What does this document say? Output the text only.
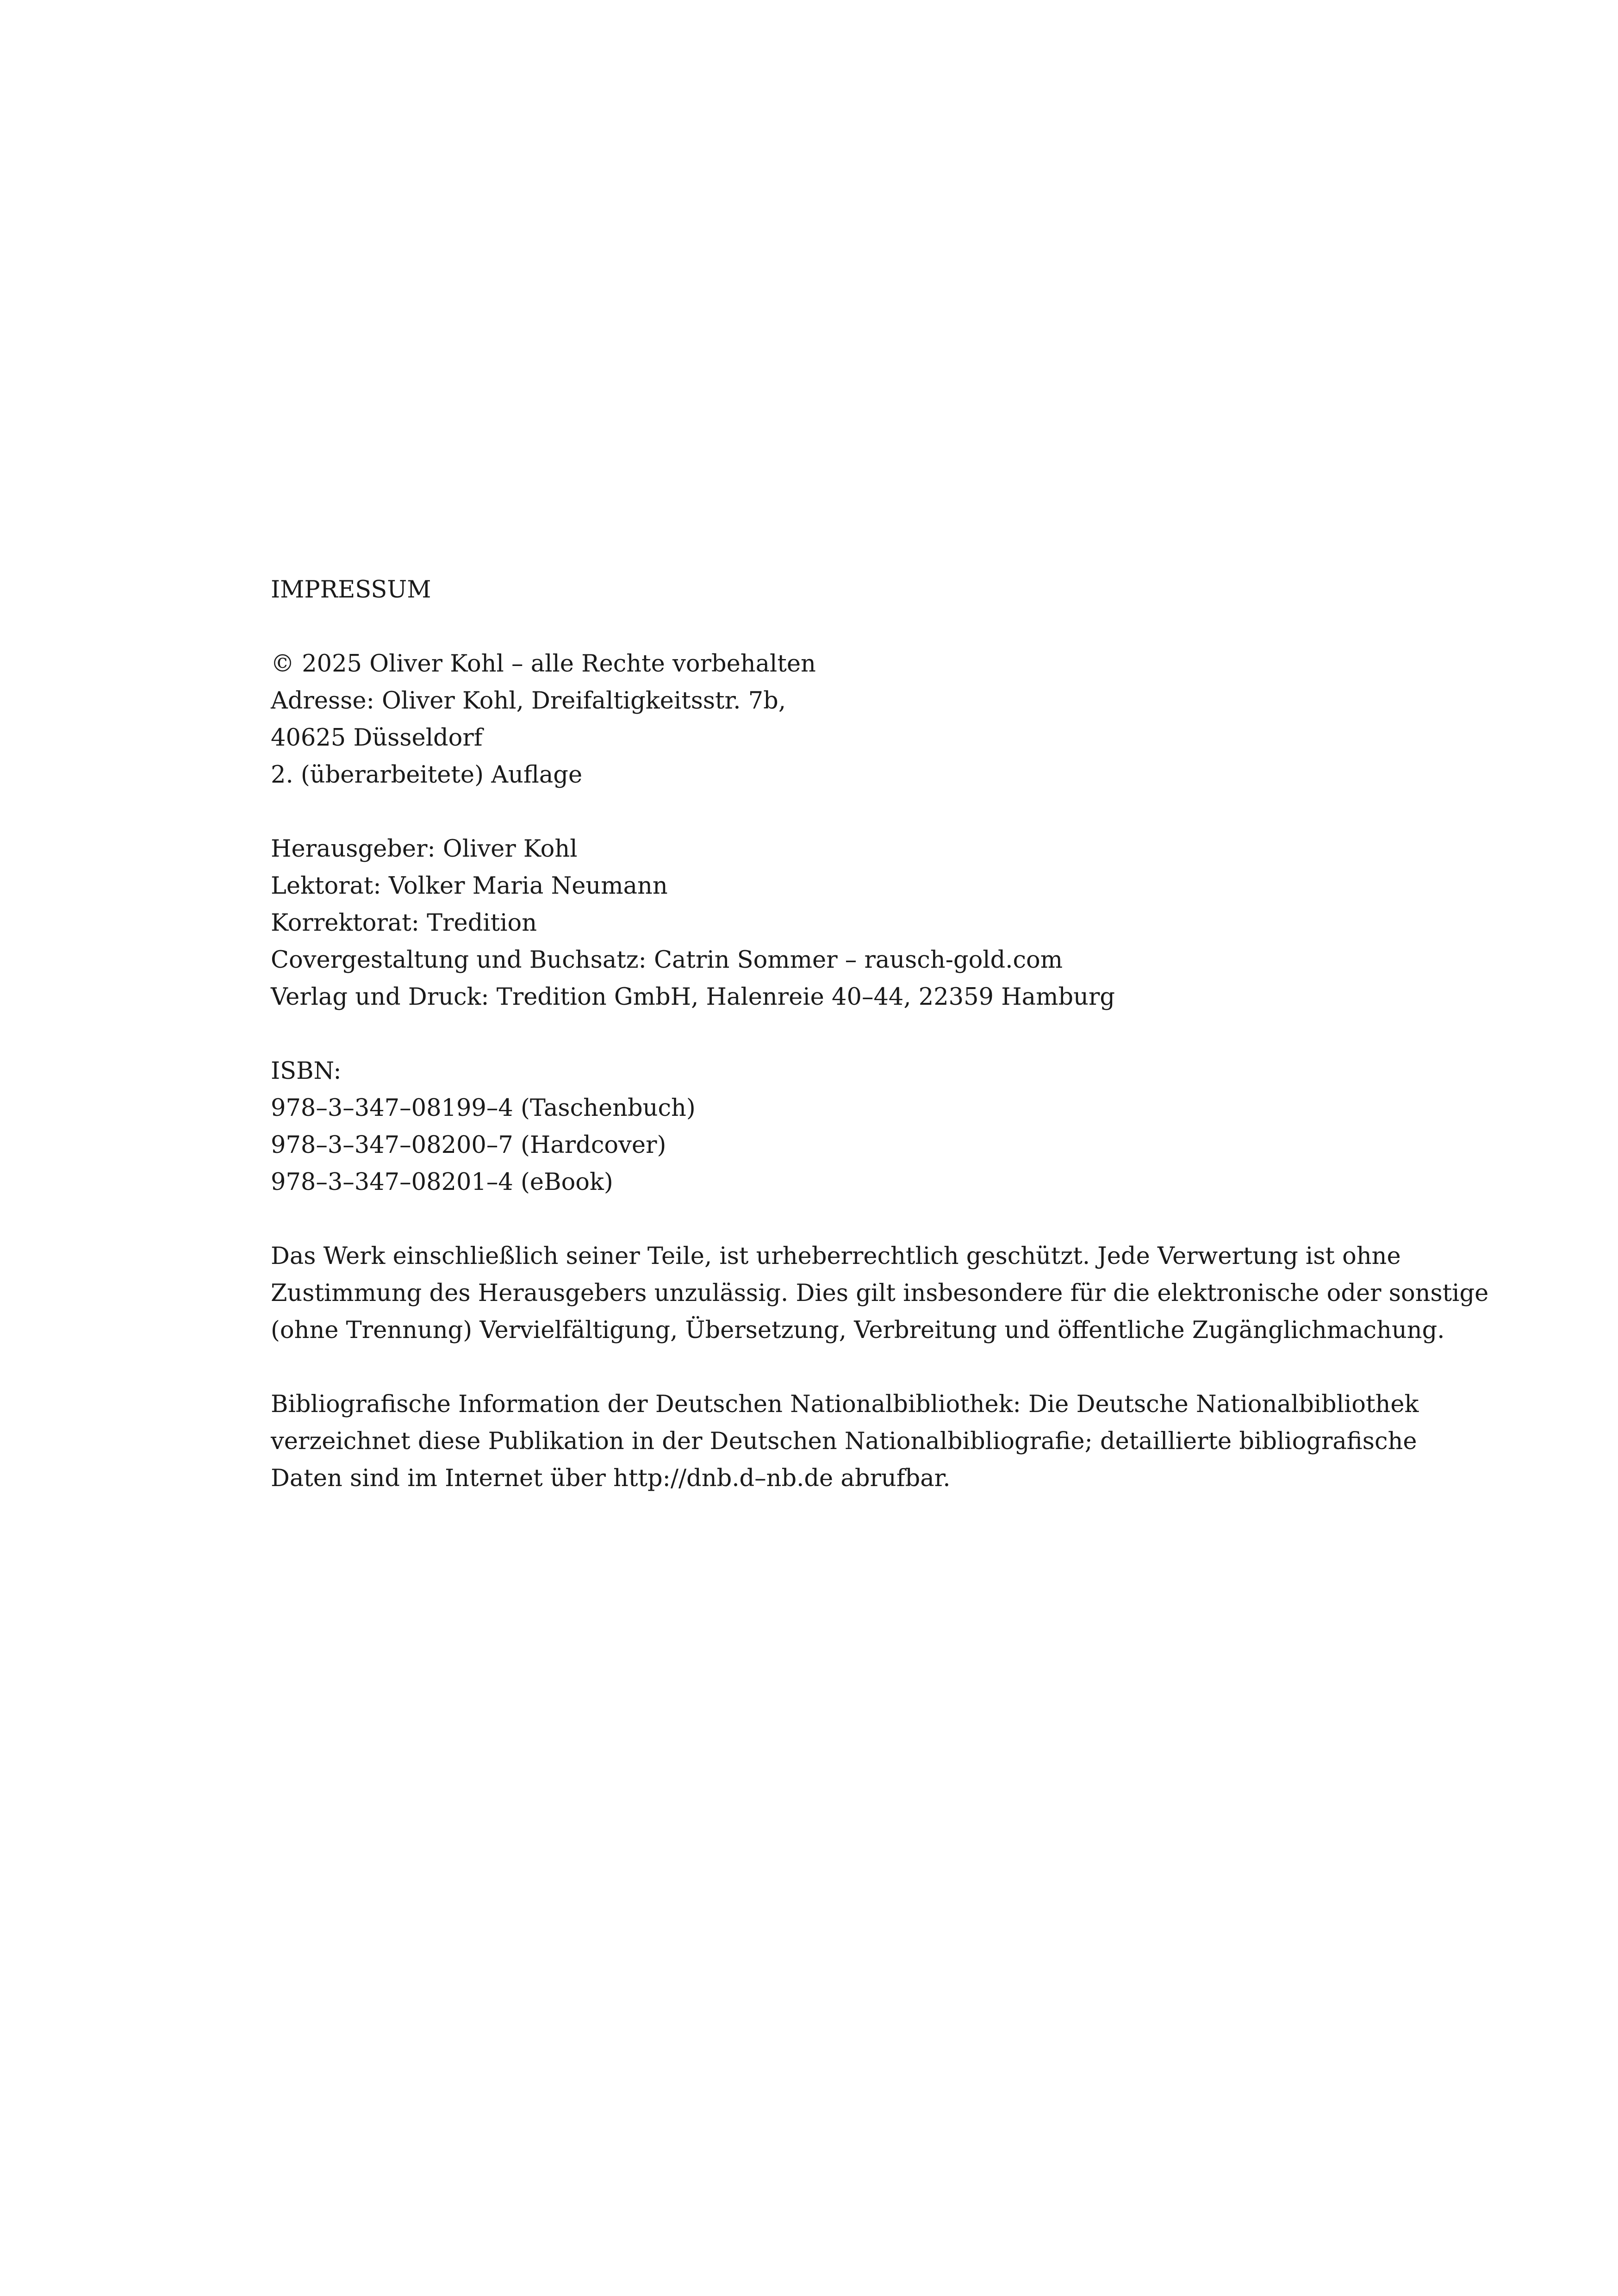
IMPRESSUM
© 2025 Oliver Kohl – alle Rechte vorbehalten
Adresse: Oliver Kohl, Dreifaltigkeitsstr. 7b,
40625 Düsseldorf
2. (überarbeitete) Auflage
Herausgeber: Oliver Kohl
Lektorat: Volker Maria Neumann
Korrektorat: Tredition
Covergestaltung und Buchsatz: Catrin Sommer – rausch-gold.com
Verlag und Druck: Tredition GmbH, Halenreie 40–44, 22359 Hamburg
ISBN:
978–3–347–08199–4 (Taschenbuch)
978–3–347–08200–7 (Hardcover)
978–3–347–08201–4 (eBook)
Das Werk einschließlich seiner Teile, ist urheberrechtlich geschützt. Jede Verwertung ist ohne
Zustimmung des Herausgebers unzulässig. Dies gilt insbesondere für die elektronische oder sonstige
(ohne Trennung) Vervielfältigung, Übersetzung, Verbreitung und öffentliche Zugänglichmachung.
Bibliografische Information der Deutschen Nationalbibliothek: Die Deutsche Nationalbibliothek
verzeichnet diese Publikation in der Deutschen Nationalbibliografie; detaillierte bibliografische
Daten sind im Internet über http://dnb.d–nb.de abrufbar.
